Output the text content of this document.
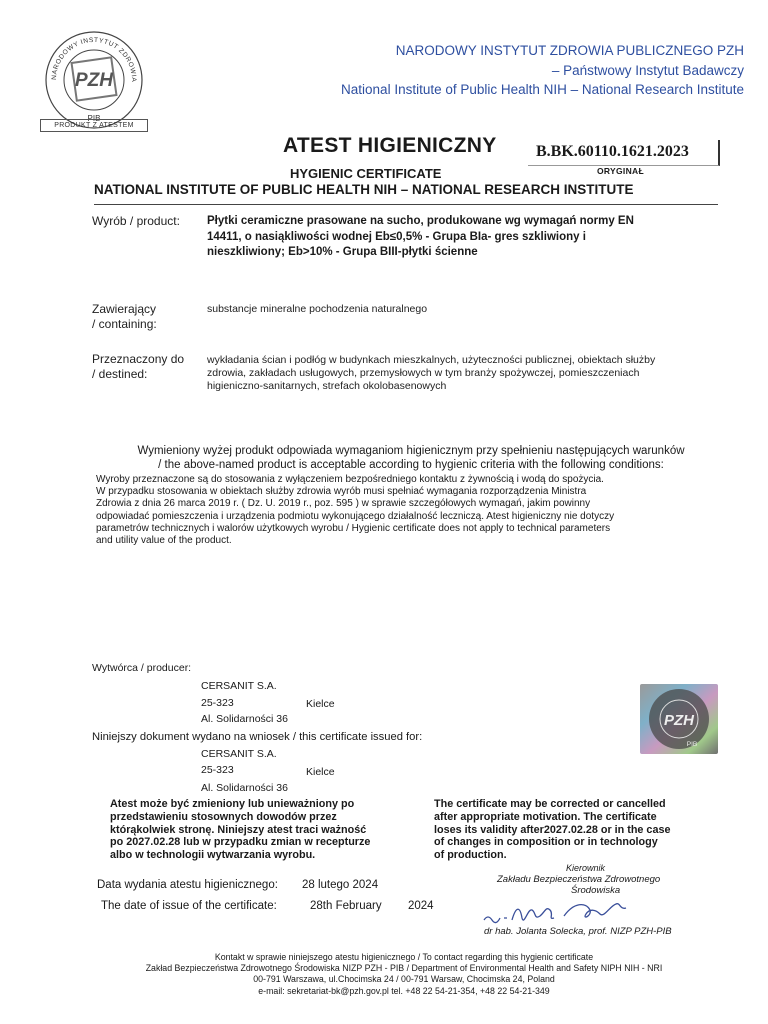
NARODOWY INSTYTUT ZDROWIA
PZH
PIB
PRODUKT Z ATESTEM
NARODOWY INSTYTUT ZDROWIA PUBLICZNEGO PZH
– Państwowy Instytut Badawczy
National Institute of Public Health NIH – National Research Institute
ATEST HIGIENICZNY B.BK.60110.1621.2023
ORYGINAŁ
HYGIENIC CERTIFICATE
NATIONAL INSTITUTE OF PUBLIC HEALTH NIH – NATIONAL RESEARCH INSTITUTE
Wyrób / product: Płytki ceramiczne prasowane na sucho, produkowane wg wymagań normy EN
14411, o nasiąkliwości wodnej Eb≤0,5% - Grupa BIa- gres szkliwiony i
nieszkliwiony; Eb>10% - Grupa BIII-płytki ścienne
Zawierający
/ containing:
substancje mineralne pochodzenia naturalnego
Przeznaczony do
/ destined:
wykładania ścian i podłóg w budynkach mieszkalnych, użyteczności publicznej, obiektach służby
zdrowia, zakładach usługowych, przemysłowych w tym branży spożywczej, pomieszczeniach
higieniczno-sanitarnych, strefach okolobasenowych
Wymieniony wyżej produkt odpowiada wymaganiom higienicznym przy spełnieniu następujących warunków
/ the above-named product is acceptable according to hygienic criteria with the following conditions:
Wyroby przeznaczone są do stosowania z wyłączeniem bezpośredniego kontaktu z żywnością i wodą do spożycia.
W przypadku stosowania w obiektach służby zdrowia wyrób musi spełniać wymagania rozporządzenia Ministra
Zdrowia z dnia 26 marca 2019 r. ( Dz. U. 2019 r., poz. 595 ) w sprawie szczegółowych wymagań, jakim powinny
odpowiadać pomieszczenia i urządzenia podmiotu wykonującego działalność leczniczą. Atest higieniczny nie dotyczy
parametrów technicznych i walorów użytkowych wyrobu / Hygienic certificate does not apply to technical parameters
and utility value of the product.
Wytwórca / producer:
CERSANIT S.A.
25-323	Kielce
Al. Solidarności 36
Niniejszy dokument wydano na wniosek / this certificate issued for:
CERSANIT S.A.
25-323	Kielce
Al. Solidarności 36
PZH
PIB
Atest może być zmieniony lub unieważniony po
przedstawieniu stosownych dowodów przez
którąkolwiek stronę. Niniejszy atest traci ważność
po 2027.02.28 lub w przypadku zmian w recepturze
albo w technologii wytwarzania wyrobu.
The certificate may be corrected or cancelled
after appropriate motivation. The certificate
loses its validity after2027.02.28 or in the case
of changes in composition or in technology
of production.
Data wydania atestu higienicznego: 28 lutego 2024
The date of issue of the certificate:	28th February 2024
Kierownik
Zakładu Bezpieczeństwa Zdrowotnego
Środowiska
dr hab. Jolanta Solecka, prof. NIZP PZH-PIB
Kontakt w sprawie niniejszego atestu higienicznego / To contact regarding this hygienic certificate
Zakład Bezpieczeństwa Zdrowotnego Środowiska NIZP PZH - PIB / Department of Environmental Health and Safety NIPH NIH - NRI
00-791 Warszawa, ul.Chocimska 24 / 00-791 Warsaw, Chocimska 24, Poland
e-mail: sekretariat-bk@pzh.gov.pl tel. +48 22 54-21-354, +48 22 54-21-349
